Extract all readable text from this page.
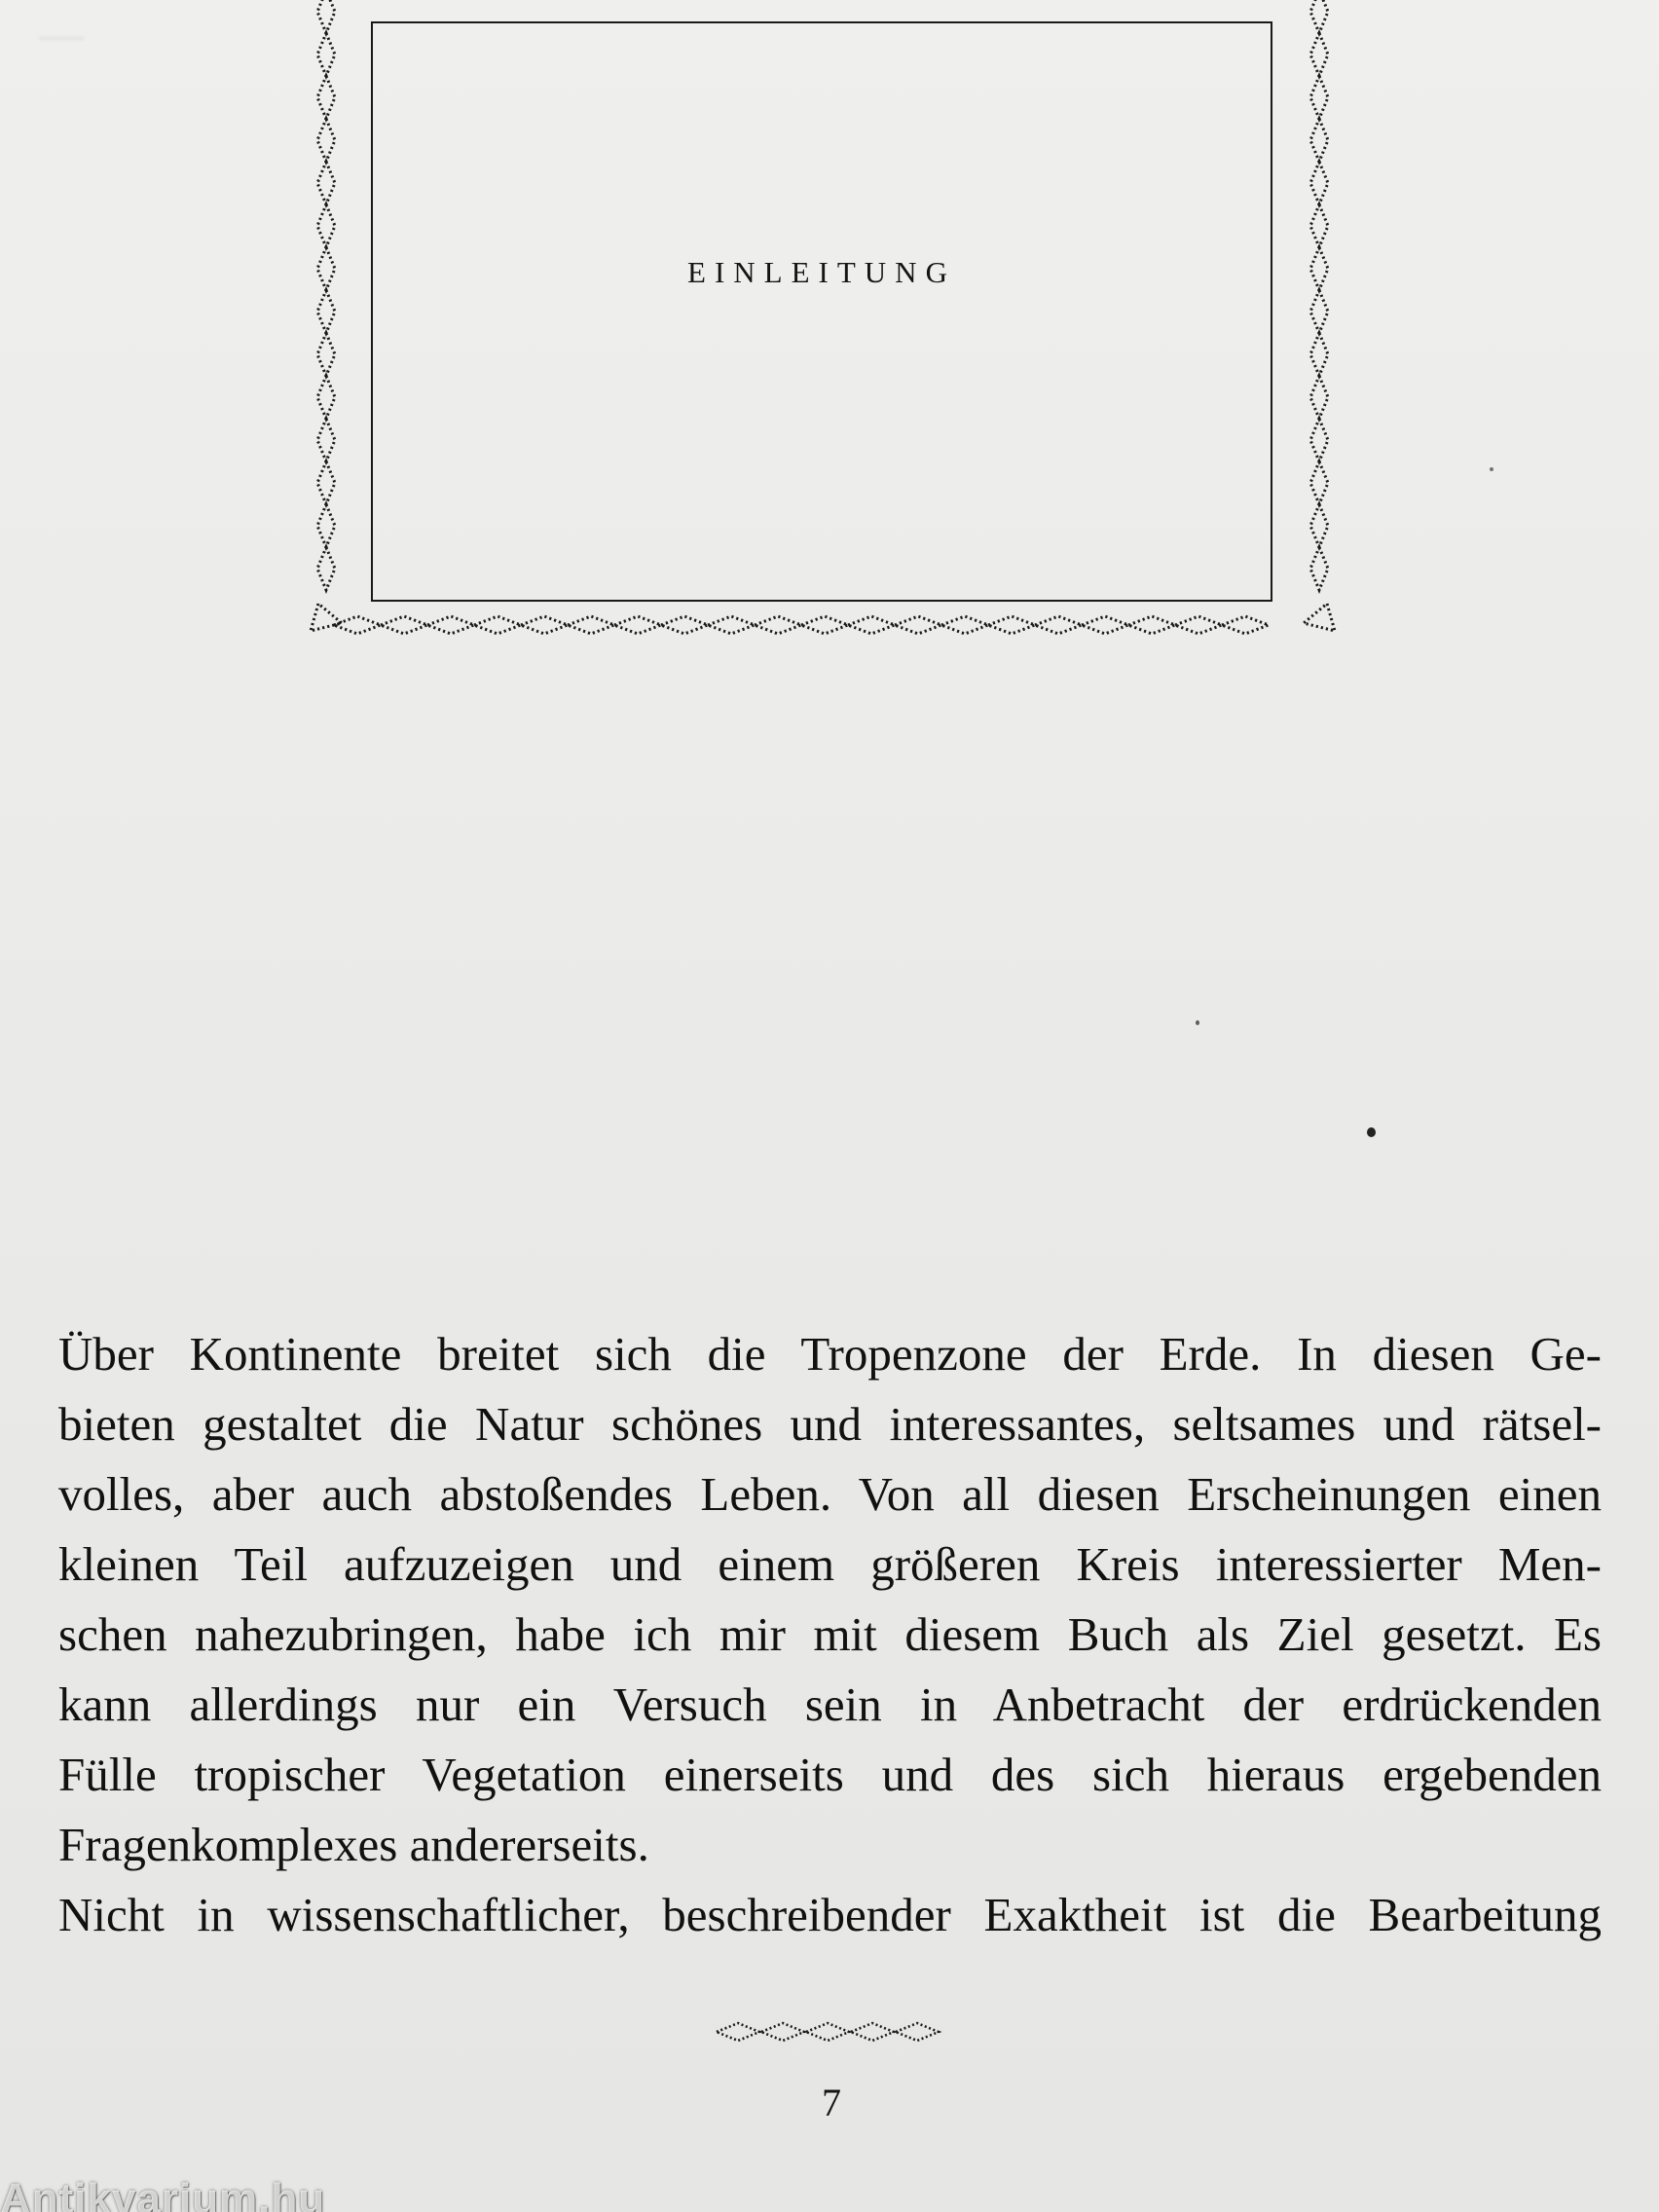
—​                                
EINLEITUNG
Über Kontinente breitet sich die Tropenzone der Erde. In diesen Ge-
bieten gestaltet die Natur schönes und interessantes, seltsames und rätsel-
volles, aber auch abstoßendes Leben. Von all diesen Erscheinungen einen
kleinen Teil aufzuzeigen und einem größeren Kreis interessierter Men-
schen nahezubringen, habe ich mir mit diesem Buch als Ziel gesetzt. Es
kann allerdings nur ein Versuch sein in Anbetracht der erdrückenden
Fülle tropischer Vegetation einerseits und des sich hieraus ergebenden
Fragenkomplexes andererseits.
Nicht in wissenschaftlicher, beschreibender Exaktheit ist die Bearbeitung
7
Antikvarium.hu
